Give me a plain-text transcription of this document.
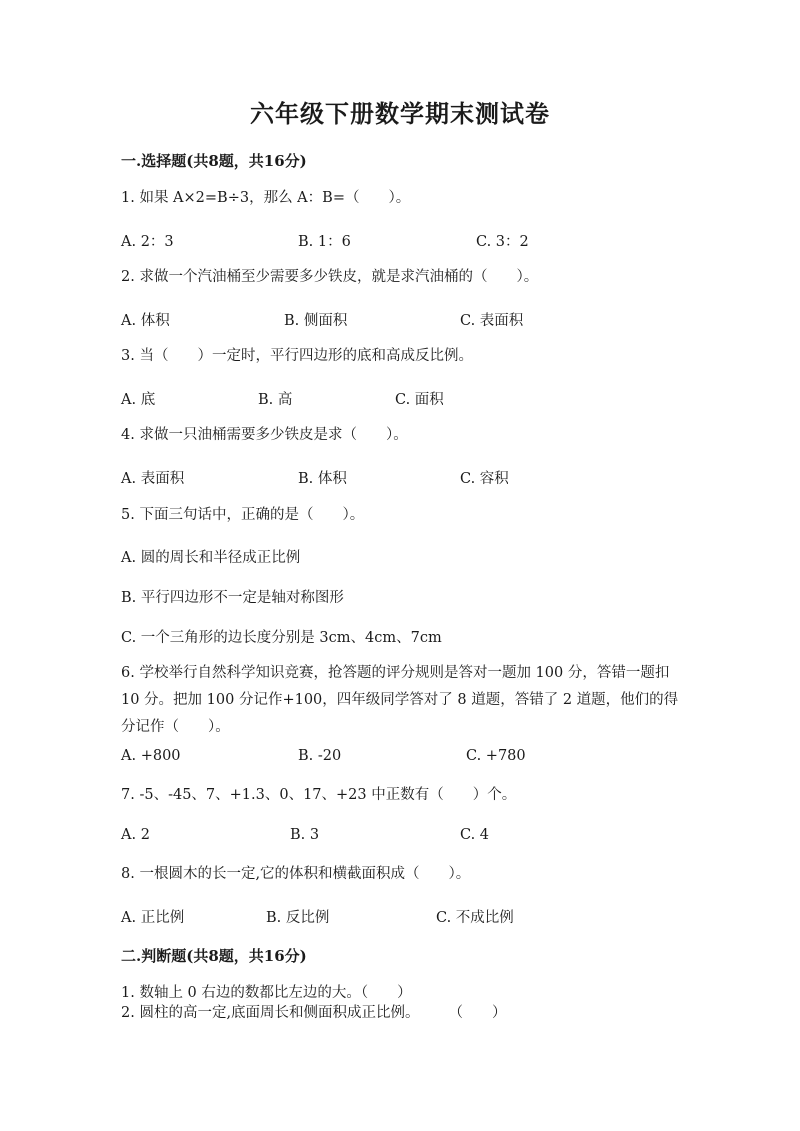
六年级下册数学期末测试卷
一.选择题(共8题，共16分)
1. 如果 A×2=B÷3，那么 A：B=（　　）。
A. 2：3	B. 1：6	C. 3：2
2. 求做一个汽油桶至少需要多少铁皮，就是求汽油桶的（　　）。
A. 体积	B. 侧面积	C. 表面积
3. 当（　　）一定时，平行四边形的底和高成反比例。
A. 底	B. 高	C. 面积
4. 求做一只油桶需要多少铁皮是求（　　）。
A. 表面积	B. 体积	C. 容积
5. 下面三句话中，正确的是（　　）。
A. 圆的周长和半径成正比例
B. 平行四边形不一定是轴对称图形
C. 一个三角形的边长度分别是 3cm、4cm、7cm
6. 学校举行自然科学知识竞赛，抢答题的评分规则是答对一题加 100 分，答错一题扣 10 分。把加 100 分记作+100，四年级同学答对了 8 道题，答错了 2 道题，他们的得分记作（　　）。
A. +800	B. -20	C. +780
7. -5、-45、7、+1.3、0、17、+23 中正数有（　　）个。
A. 2	B. 3	C. 4
8. 一根圆木的长一定,它的体积和横截面积成（　　）。
A. 正比例	B. 反比例	C. 不成比例
二.判断题(共8题，共16分)
1. 数轴上 0 右边的数都比左边的大。（　　）
2. 圆柱的高一定,底面周长和侧面积成正比例。　　　（　　）
